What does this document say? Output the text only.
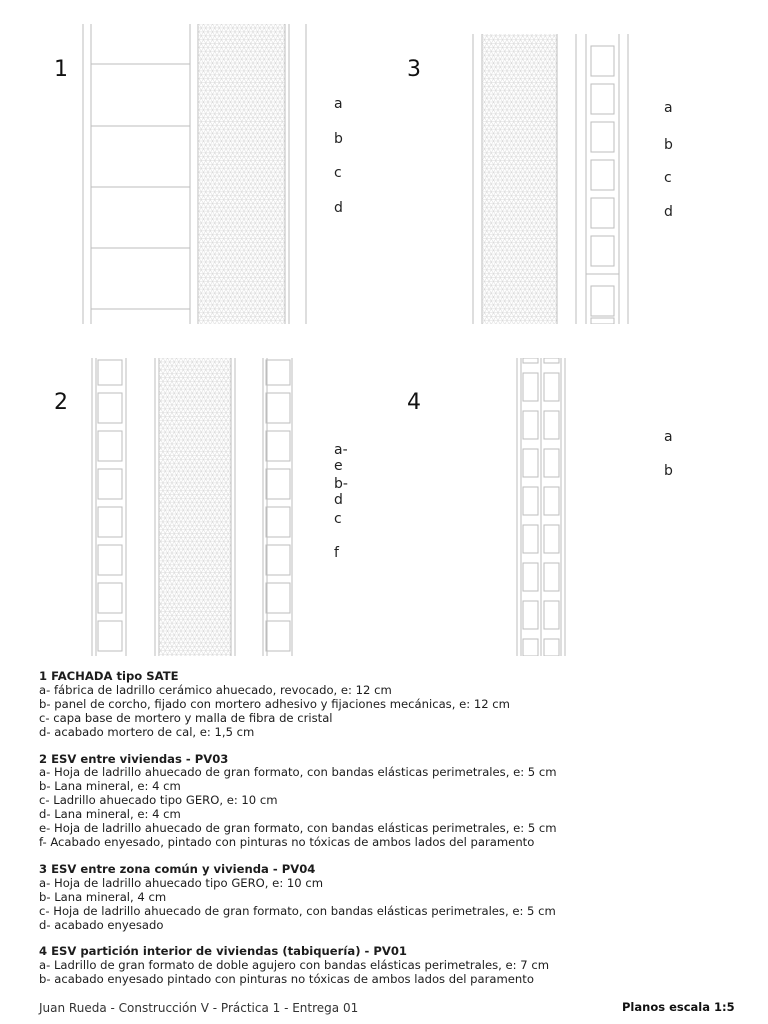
1
a
b
c
d
3
a
b
c
d
2
a-e
b-d
c
f
4
a
b
1 FACHADA tipo SATE
a- fábrica de ladrillo cerámico ahuecado, revocado, e: 12 cm
b- panel de corcho, fijado con mortero adhesivo y fijaciones mecánicas, e: 12 cm
c- capa base de mortero y malla de fibra de cristal
d- acabado mortero de cal, e: 1,5 cm
2 ESV entre viviendas - PV03
a- Hoja de ladrillo ahuecado de gran formato, con bandas elásticas perimetrales, e: 5 cm
b- Lana mineral, e: 4 cm
c- Ladrillo ahuecado tipo GERO, e: 10 cm
d- Lana mineral, e: 4 cm
e- Hoja de ladrillo ahuecado de gran formato, con bandas elásticas perimetrales, e: 5 cm
f- Acabado enyesado, pintado con pinturas no tóxicas de ambos lados del paramento
3 ESV entre zona común y vivienda - PV04
a- Hoja de ladrillo ahuecado tipo GERO, e: 10 cm
b- Lana mineral, 4 cm
c- Hoja de ladrillo ahuecado de gran formato, con bandas elásticas perimetrales, e: 5 cm
d- acabado enyesado
4 ESV partición interior de viviendas (tabiquería) - PV01
a- Ladrillo de gran formato de doble agujero con bandas elásticas perimetrales, e: 7 cm
b- acabado enyesado pintado con pinturas no tóxicas de ambos lados del paramento
Juan Rueda - Construcción V - Práctica 1 - Entrega 01	Planos escala 1:5
